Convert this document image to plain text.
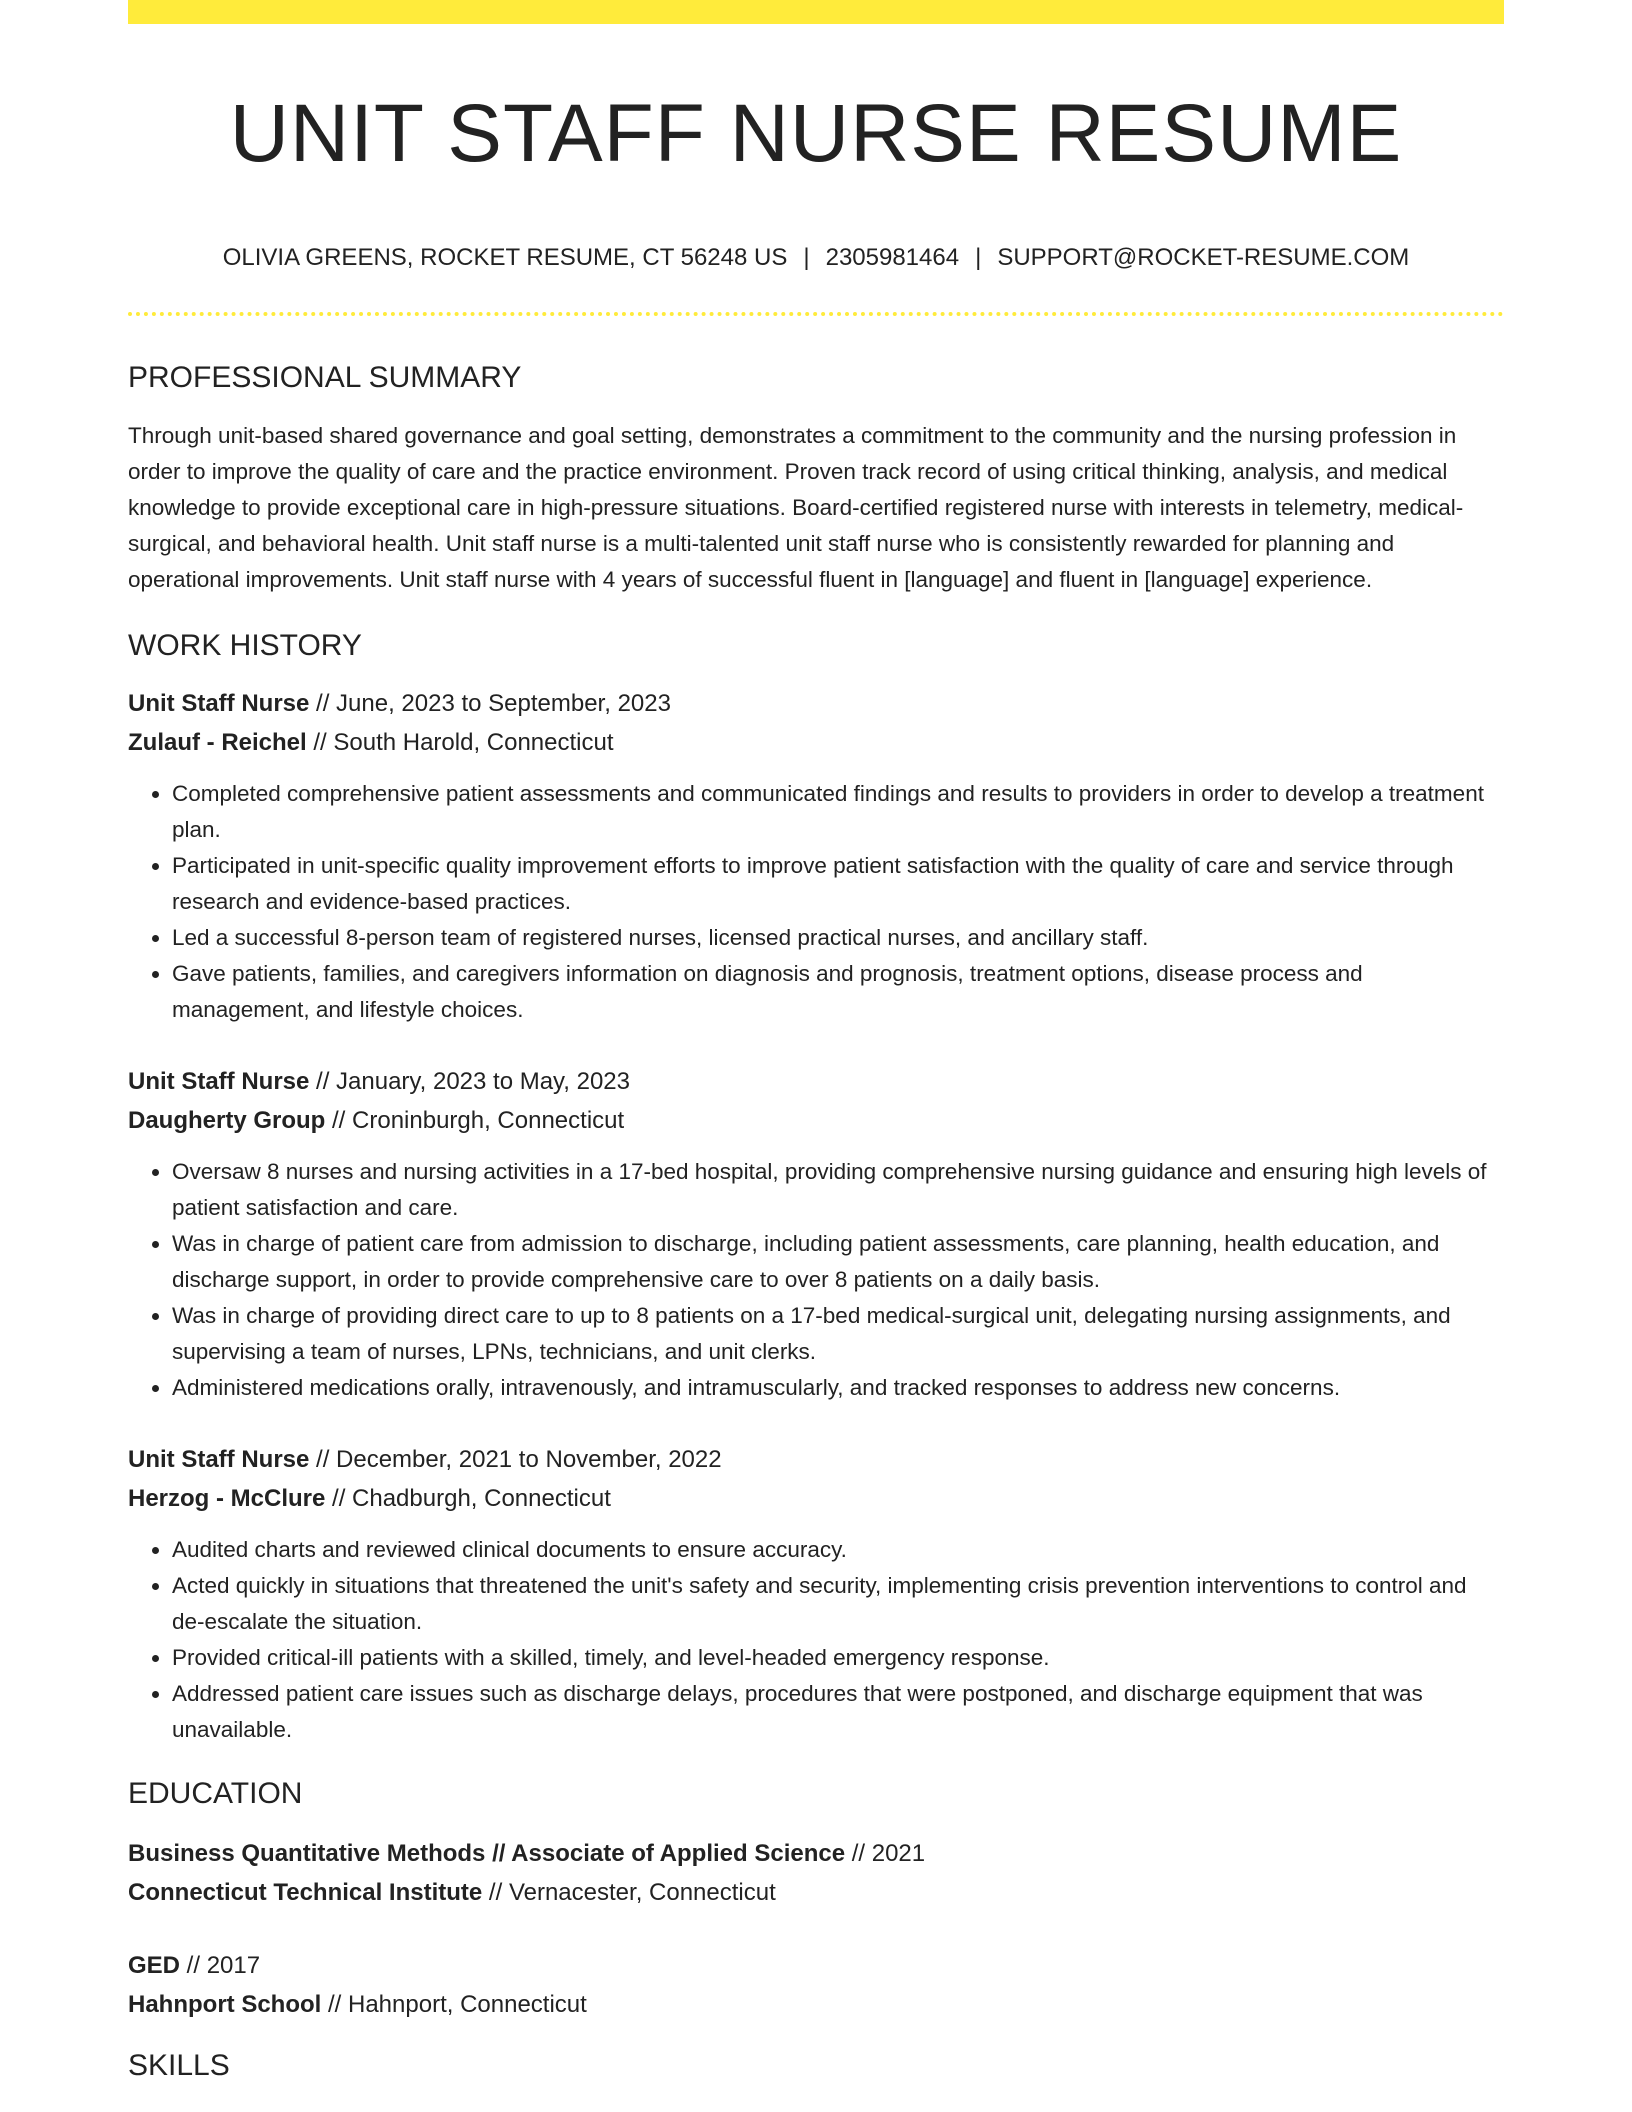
UNIT STAFF NURSE RESUME
OLIVIA GREENS, ROCKET RESUME, CT 56248 US | 2305981464 | SUPPORT@ROCKET-RESUME.COM
PROFESSIONAL SUMMARY

Through unit-based shared governance and goal setting, demonstrates a commitment to the community and the nursing profession in order to improve the quality of care and the practice environment. Proven track record of using critical thinking, analysis, and medical knowledge to provide exceptional care in high-pressure situations. Board-certified registered nurse with interests in telemetry, medical-surgical, and behavioral health. Unit staff nurse is a multi-talented unit staff nurse who is consistently rewarded for planning and operational improvements. Unit staff nurse with 4 years of successful fluent in [language] and fluent in [language] experience.

WORK HISTORY
Unit Staff Nurse // June, 2023 to September, 2023
Zulauf - Reichel // South Harold, Connecticut
• Completed comprehensive patient assessments and communicated findings and results to providers in order to develop a treatment plan.
• Participated in unit-specific quality improvement efforts to improve patient satisfaction with the quality of care and service through research and evidence-based practices.
• Led a successful 8-person team of registered nurses, licensed practical nurses, and ancillary staff.
• Gave patients, families, and caregivers information on diagnosis and prognosis, treatment options, disease process and management, and lifestyle choices.
Unit Staff Nurse // January, 2023 to May, 2023
Daugherty Group // Croninburgh, Connecticut
• Oversaw 8 nurses and nursing activities in a 17-bed hospital, providing comprehensive nursing guidance and ensuring high levels of patient satisfaction and care.
• Was in charge of patient care from admission to discharge, including patient assessments, care planning, health education, and discharge support, in order to provide comprehensive care to over 8 patients on a daily basis.
• Was in charge of providing direct care to up to 8 patients on a 17-bed medical-surgical unit, delegating nursing assignments, and supervising a team of nurses, LPNs, technicians, and unit clerks.
• Administered medications orally, intravenously, and intramuscularly, and tracked responses to address new concerns.
Unit Staff Nurse // December, 2021 to November, 2022
Herzog - McClure // Chadburgh, Connecticut
• Audited charts and reviewed clinical documents to ensure accuracy.
• Acted quickly in situations that threatened the unit's safety and security, implementing crisis prevention interventions to control and de-escalate the situation.
• Provided critical-ill patients with a skilled, timely, and level-headed emergency response.
• Addressed patient care issues such as discharge delays, procedures that were postponed, and discharge equipment that was unavailable.
EDUCATION
Business Quantitative Methods // Associate of Applied Science // 2021
Connecticut Technical Institute // Vernacester, Connecticut
GED // 2017
Hahnport School // Hahnport, Connecticut
SKILLS
